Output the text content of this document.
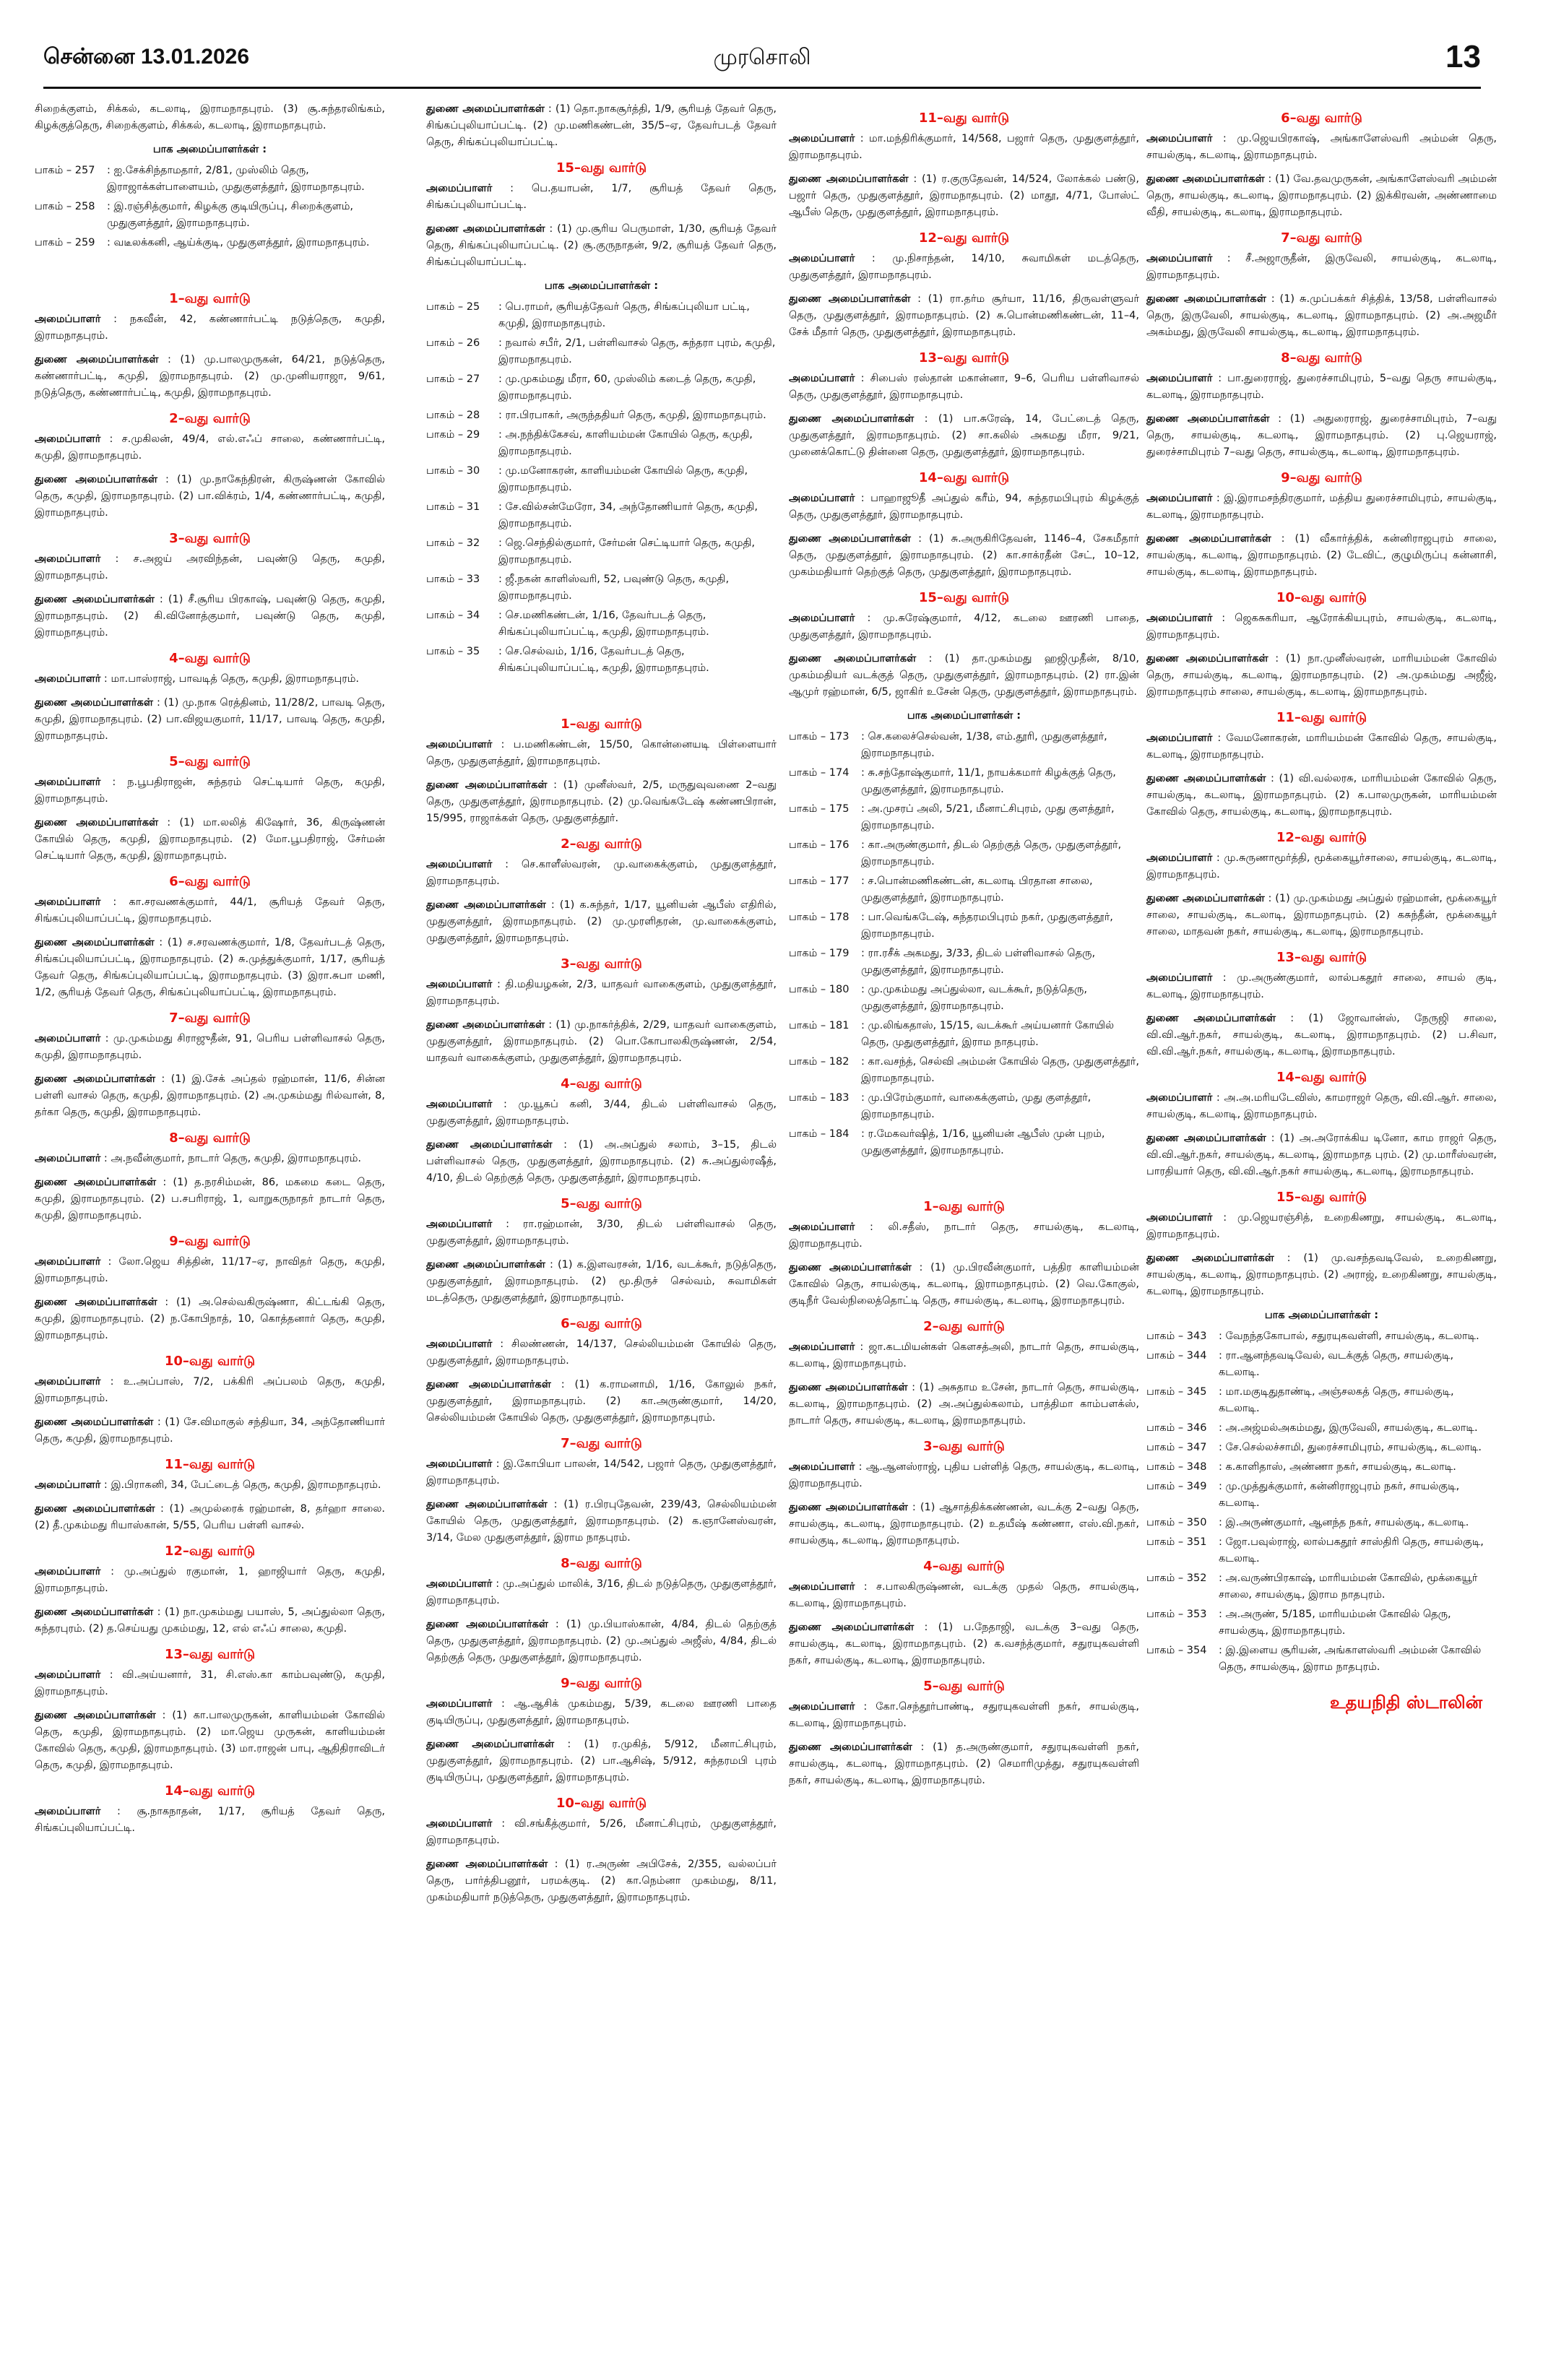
முரசொலி
சென்னை 13.01.2026	13
சிறைக்குளம், சிக்கல், கடலாடி, இராமநாதபுரம். (3) சூ.சுந்தரலிங்கம், கிழக்குத்தெரு, சிறைக்குளம், சிக்கல், கடலாடி, இராமநாதபுரம்.
பாக அமைப்பாளர்கள் :
பாகம் – 257	: ஐ.சேக்சிந்தாமதார், 2/81, முஸ்லிம் தெரு, இராஜாக்கள்பாளையம், முதுகுளத்தூர், இராமநாதபுரம்.
பாகம் – 258	: இ.ரஞ்சித்குமார், கிழக்கு குடியிருப்பு, சிறைக்குளம், முதுகுளத்தூர், இராமநாதபுரம்.
பாகம் – 259	: வடீலக்கனி, ஆய்க்குடி, முதுகுளத்தூர், இராமநாதபுரம்.
1–வது வார்டு
அமைப்பாளர் : நகவீன், 42, கண்ணார்பட்டி நடுத்தெரு, கமுதி, இராமநாதபுரம்.
துணை அமைப்பாளர்கள் : (1) மு.பாலமுருகன், 64/21, நடுத்தெரு, கண்ணார்பட்டி, கமுதி, இராமநாதபுரம். (2) மு.முனியராஜா, 9/61, நடுத்தெரு, கண்ணார்பட்டி, கமுதி, இராமநாதபுரம்.
2–வது வார்டு
அமைப்பாளர் : ச.முகிலன், 49/4, எல்.எஃப் சாலை, கண்ணார்பட்டி, கமுதி, இராமநாதபுரம்.
துணை அமைப்பாளர்கள் : (1) மு.நாகேந்திரன், கிருஷ்ணன் கோவில் தெரு, கமுதி, இராமநாதபுரம். (2) பா.விக்ரம், 1/4, கண்ணார்பட்டி, கமுதி, இராமநாதபுரம்.
3–வது வார்டு
அமைப்பாளர் : ச.அஜய் அரவிந்தன், பவுண்டு தெரு, கமுதி, இராமநாதபுரம்.
துணை அமைப்பாளர்கள் : (1) சீ.சூரிய பிரகாஷ், பவுண்டு தெரு, கமுதி, இராமநாதபுரம். (2) கி.வினோத்குமார், பவுண்டு தெரு, கமுதி, இராமநாதபுரம்.
4–வது வார்டு
அமைப்பாளர் : மா.பாஸ்ராஜ், பாவடித் தெரு, கமுதி, இராமநாதபுரம்.
துணை அமைப்பாளர்கள் : (1) மு.நாக ரெத்தினம், 11/28/2, பாவடி தெரு, கமுதி, இராமநாதபுரம். (2) பா.விஜயகுமார், 11/17, பாவடி தெரு, கமுதி, இராமநாதபுரம்.
5–வது வார்டு
அமைப்பாளர் : ந.பூபதிராஜன், சுந்தரம் செட்டியார் தெரு, கமுதி, இராமநாதபுரம்.
துணை அமைப்பாளர்கள் : (1) மா.லலித் கிஷோர், 36, கிருஷ்ணன் கோயில் தெரு, கமுதி, இராமநாதபுரம். (2) மோ.பூபதிராஜ், சேர்மன் செட்டியார் தெரு, கமுதி, இராமநாதபுரம்.
6–வது வார்டு
அமைப்பாளர் : கா.சரவணக்குமார், 44/1, சூரியத் தேவர் தெரு, சிங்கப்புலியாப்பட்டி, இராமநாதபுரம்.
துணை அமைப்பாளர்கள் : (1) ச.சரவணக்குமார், 1/8, தேவர்படத் தெரு, சிங்கப்புலியாப்பட்டி, இராமநாதபுரம். (2) சு.முத்துக்குமார், 1/17, சூரியத் தேவர் தெரு, சிங்கப்புலியாப்பட்டி, இராமநாதபுரம். (3) இரா.சுபா மணி, 1/2, சூரியத் தேவர் தெரு, சிங்கப்புலியாப்பட்டி, இராமநாதபுரம்.
7–வது வார்டு
அமைப்பாளர் : மு.முகம்மது சிராஜுதீன், 91, பெரிய பள்ளிவாசல் தெரு, கமுதி, இராமநாதபுரம்.
துணை அமைப்பாளர்கள் : (1) இ.சேக் அப்தல் ரஹ்மான், 11/6, சின்ன பள்ளி வாசல் தெரு, கமுதி, இராமநாதபுரம். (2) அ.முகம்மது ரில்வான், 8, தர்கா தெரு, கமுதி, இராமநாதபுரம்.
8–வது வார்டு
அமைப்பாளர் : அ.நவீன்குமார், நாடார் தெரு, கமுதி, இராமநாதபுரம்.
துணை அமைப்பாளர்கள் : (1) த.நரசிம்மன், 86, மகமை கடை தெரு, கமுதி, இராமநாதபுரம். (2) ப.சபரிராஜ், 1, வாறுகருநாதர் நாடார் தெரு, கமுதி, இராமநாதபுரம்.
9–வது வார்டு
அமைப்பாளர் : லோ.ஜெய சித்தின், 11/17–ஏ, நாவிதர் தெரு, கமுதி, இராமநாதபுரம்.
துணை அமைப்பாளர்கள் : (1) அ.செல்வகிருஷ்ணா, கிட்டங்கி தெரு, கமுதி, இராமநாதபுரம். (2) ந.கோபிநாத், 10, கொத்தனார் தெரு, கமுதி, இராமநாதபுரம்.
10–வது வார்டு
அமைப்பாளர் : உ.அப்பாஸ், 7/2, பக்கிரி அப்பலம் தெரு, கமுதி, இராமநாதபுரம்.
துணை அமைப்பாளர்கள் : (1) சே.விமாகுல் சந்தியா, 34, அந்தோணியார் தெரு, கமுதி, இராமநாதபுரம்.
11–வது வார்டு
அமைப்பாளர் : இ.பிராகனி, 34, பேட்டைத் தெரு, கமுதி, இராமநாதபுரம்.
துணை அமைப்பாளர்கள் : (1) அமுல்ரைக் ரஹ்மான், 8, தர்ஹா சாலை. (2) தீ.முகம்மது ரியாஸ்கான், 5/55, பெரிய பள்ளி வாசல்.
12–வது வார்டு
அமைப்பாளர் : மு.அப்துல் ரகுமான், 1, ஹாஜியார் தெரு, கமுதி, இராமநாதபுரம்.
துணை அமைப்பாளர்கள் : (1) நா.முகம்மது பயாஸ், 5, அப்துல்லா தெரு, சுந்தரபுரம். (2) த.செய்யது முகம்மது, 12, எல் எஃப் சாலை, கமுதி.
13–வது வார்டு
அமைப்பாளர் : வி.அய்யனார், 31, சி.எஸ்.கா காம்பவுண்டு, கமுதி, இராமநாதபுரம்.
துணை அமைப்பாளர்கள் : (1) கா.பாலமுருகன், காளியம்மன் கோவில் தெரு, கமுதி, இராமநாதபுரம். (2) மா.ஜெய முருகன், காளியம்மன் கோவில் தெரு, கமுதி, இராமநாதபுரம். (3) மா.ராஜன் பாபு, ஆதிதிராவிடர் தெரு, கமுதி, இராமநாதபுரம்.
14–வது வார்டு
அமைப்பாளர் : சூ.நாகநாதன், 1/17, சூரியத் தேவர் தெரு, சிங்கப்புலியாப்பட்டி.
துணை அமைப்பாளர்கள் : (1) தொ.நாகசூர்த்தி, 1/9, சூரியத் தேவர் தெரு, சிங்கப்புலியாப்பட்டி. (2) மு.மணிகண்டன், 35/5–ஏ, தேவர்படத் தேவர் தெரு, சிங்கப்புலியாப்பட்டி.
15–வது வார்டு
அமைப்பாளர் : பெ.தயாபன், 1/7, சூரியத் தேவர் தெரு, சிங்கப்புலியாப்பட்டி.
துணை அமைப்பாளர்கள் : (1) மு.சூரிய பெருமாள், 1/30, சூரியத் தேவர் தெரு, சிங்கப்புலியாப்பட்டி. (2) சூ.குருநாதன், 9/2, சூரியத் தேவர் தெரு, சிங்கப்புலியாப்பட்டி.
பாக அமைப்பாளர்கள் :
பாகம் – 25	: பெ.ராமர், சூரியத்தேவர் தெரு, சிங்கப்புலியா பட்டி, கமுதி, இராமநாதபுரம்.
பாகம் – 26	: நவால் சபீர், 2/1, பள்ளிவாசல் தெரு, சுந்தரா புரம், கமுதி, இராமநாதபுரம்.
பாகம் – 27	: மு.முகம்மது மீரா, 60, முஸ்லிம் கடைத் தெரு, கமுதி, இராமநாதபுரம்.
பாகம் – 28	: ரா.பிரபாகர், அருந்ததியர் தெரு, கமுதி, இராமநாதபுரம்.
பாகம் – 29	: அ.நந்திக்கேசவ், காளியம்மன் கோயில் தெரு, கமுதி, இராமநாதபுரம்.
பாகம் – 30	: மு.மனோகரன், காளியம்மன் கோயில் தெரு, கமுதி, இராமநாதபுரம்.
பாகம் – 31	: சே.வில்சன்மேரோ, 34, அந்தோணியார் தெரு, கமுதி, இராமநாதபுரம்.
பாகம் – 32	: ஜெ.செந்தில்குமார், சேர்மன் செட்டியார் தெரு, கமுதி, இராமநாதபுரம்.
பாகம் – 33	: ஜீ.நகன் காளிஸ்வரி, 52, பவுண்டு தெரு, கமுதி, இராமநாதபுரம்.
பாகம் – 34	: செ.மணிகண்டன், 1/16, தேவர்படத் தெரு, சிங்கப்புலியாப்பட்டி, கமுதி, இராமநாதபுரம்.
பாகம் – 35	: செ.செல்வம், 1/16, தேவர்படத் தெரு, சிங்கப்புலியாப்பட்டி, கமுதி, இராமநாதபுரம்.
1–வது வார்டு
அமைப்பாளர் : ப.மணிகண்டன், 15/50, கொன்னையடி பிள்ளையார் தெரு, முதுகுளத்தூர், இராமநாதபுரம்.
துணை அமைப்பாளர்கள் : (1) முனீஸ்வர், 2/5, மருதுவுவணை 2–வது தெரு, முதுகுளத்தூர், இராமநாதபுரம். (2) மு.வெங்கடேஷ் கண்ணபிரான், 15/995, ராஜாக்கள் தெரு, முதுகுளத்தூர்.
2–வது வார்டு
அமைப்பாளர் : செ.காளீஸ்வரன், மு.வாகைக்குளம், முதுகுளத்தூர், இராமநாதபுரம்.
துணை அமைப்பாளர்கள் : (1) க.சுந்தர், 1/17, யூனியன் ஆபீஸ் எதிரில், முதுகுளத்தூர், இராமநாதபுரம். (2) மு.முரளிதரன், மு.வாகைக்குளம், முதுகுளத்தூர், இராமநாதபுரம்.
3–வது வார்டு
அமைப்பாளர் : தி.மதியழகன், 2/3, யாதவர் வாகைகுளம், முதுகுளத்தூர், இராமநாதபுரம்.
துணை அமைப்பாளர்கள் : (1) மு.நாகர்த்திக், 2/29, யாதவர் வாகைகுளம், முதுகுளத்தூர், இராமநாதபுரம். (2) பொ.கோபாலகிருஷ்ணன், 2/54, யாதவர் வாகைக்குளம், முதுகுளத்தூர், இராமநாதபுரம்.
4–வது வார்டு
அமைப்பாளர் : மு.யூசுப் கனி, 3/44, திடல் பள்ளிவாசல் தெரு, முதுகுளத்தூர், இராமநாதபுரம்.
துணை அமைப்பாளர்கள் : (1) அ.அப்துல் சலாம், 3–15, திடல் பள்ளிவாசல் தெரு, முதுகுளத்தூர், இராமநாதபுரம். (2) சு.அப்துல்ரஷீத், 4/10, திடல் தெற்குத் தெரு, முதுகுளத்தூர், இராமநாதபுரம்.
5–வது வார்டு
அமைப்பாளர் : ரா.ரஹ்மான், 3/30, திடல் பள்ளிவாசல் தெரு, முதுகுளத்தூர், இராமநாதபுரம்.
துணை அமைப்பாளர்கள் : (1) க.இளவரசன், 1/16, வடக்கூர், நடுத்தெரு, முதுகுளத்தூர், இராமநாதபுரம். (2) மூ.திருச் செல்வம், சுவாமிகள் மடத்தெரு, முதுகுளத்தூர், இராமநாதபுரம்.
6–வது வார்டு
அமைப்பாளர் : சிலண்ணன், 14/137, செல்லியம்மன் கோயில் தெரு, முதுகுளத்தூர், இராமநாதபுரம்.
துணை அமைப்பாளர்கள் : (1) க.ராமனாமி, 1/16, கோலுல் நகர், முதுகுளத்தூர், இராமநாதபுரம். (2) கா.அருண்குமார், 14/20, செல்லியம்மன் கோயில் தெரு, முதுகுளத்தூர், இராமநாதபுரம்.
7–வது வார்டு
அமைப்பாளர் : இ.கோபியா பாலன், 14/542, பஜார் தெரு, முதுகுளத்தூர், இராமநாதபுரம்.
துணை அமைப்பாளர்கள் : (1) ர.பிரபுதேவன், 239/43, செல்லியம்மன் கோயில் தெரு, முதுகுளத்தூர், இராமநாதபுரம். (2) க.ஞானேஸ்வரன், 3/14, மேல முதுகுளத்தூர், இராம நாதபுரம்.
8–வது வார்டு
அமைப்பாளர் : மு.அப்துல் மாலிக், 3/16, திடல் நடுத்தெரு, முதுகுளத்தூர், இராமநாதபுரம்.
துணை அமைப்பாளர்கள் : (1) மு.பியாஸ்கான், 4/84, திடல் தெற்குத் தெரு, முதுகுளத்தூர், இராமநாதபுரம். (2) மு.அப்துல் அஜீஸ், 4/84, திடல் தெற்குத் தெரு, முதுகுளத்தூர், இராமநாதபுரம்.
9–வது வார்டு
அமைப்பாளர் : ஆ.ஆசிக் முகம்மது, 5/39, கடலை ஊரணி பாதை குடியிருப்பு, முதுகுளத்தூர், இராமநாதபுரம்.
துணை அமைப்பாளர்கள் : (1) ர.முகித், 5/912, மீனாட்சிபுரம், முதுகுளத்தூர், இராமநாதபுரம். (2) பா.ஆசிஷ், 5/912, சுந்தரமபி புரம் குடியிருப்பு, முதுகுளத்தூர், இராமநாதபுரம்.
10–வது வார்டு
அமைப்பாளர் : வி.சங்கீத்குமார், 5/26, மீனாட்சிபுரம், முதுகுளத்தூர், இராமநாதபுரம்.
துணை அமைப்பாளர்கள் : (1) ர.அருண் அபிசேக், 2/355, வல்லப்பர் தெரு, பார்த்திபனூர், பரமக்குடி. (2) கா.நெம்னா முகம்மது, 8/11, முகம்மதியார் நடுத்தெரு, முதுகுளத்தூர், இராமநாதபுரம்.
11–வது வார்டு
அமைப்பாளர் : மா.மந்திரிக்குமார், 14/568, பஜார் தெரு, முதுகுளத்தூர், இராமநாதபுரம்.
துணை அமைப்பாளர்கள் : (1) ர.குருதேவன், 14/524, லோக்கல் பண்டு, பஜார் தெரு, முதுகுளத்தூர், இராமநாதபுரம். (2) மாதூ, 4/71, போஸ்ட் ஆபீஸ் தெரு, முதுகுளத்தூர், இராமநாதபுரம்.
12–வது வார்டு
அமைப்பாளர் : மு.நிசாந்தன், 14/10, சுவாமிகள் மடத்தெரு, முதுகுளத்தூர், இராமநாதபுரம்.
துணை அமைப்பாளர்கள் : (1) ரா.தர்ம சூர்யா, 11/16, திருவள்ளுவர் தெரு, முதுகுளத்தூர், இராமநாதபுரம். (2) சு.பொன்மணிகண்டன், 11–4, சேக் மீதார் தெரு, முதுகுளத்தூர், இராமநாதபுரம்.
13–வது வார்டு
அமைப்பாளர் : சிபைஸ் ரஸ்தான் மகான்னா, 9–6, பெரிய பள்ளிவாசல் தெரு, முதுகுளத்தூர், இராமநாதபுரம்.
துணை அமைப்பாளர்கள் : (1) பா.சுரேஷ், 14, பேட்டைத் தெரு, முதுகுளத்தூர், இராமநாதபுரம். (2) சா.கலில் அகமது மீரா, 9/21, முனைக்கொட்டு தின்னை தெரு, முதுகுளத்தூர், இராமநாதபுரம்.
14–வது வார்டு
அமைப்பாளர் : பாஹாஜூதீ அப்துல் கரீம், 94, சுந்தரமபிபுரம் கிழக்குத் தெரு, முதுகுளத்தூர், இராமநாதபுரம்.
துணை அமைப்பாளர்கள் : (1) சு.அருகிரிதேவன், 1146–4, சேகமீதார் தெரு, முதுகுளத்தூர், இராமநாதபுரம். (2) கா.சாக்ரதீன் சேட், 10–12, முகம்மதியார் தெற்குத் தெரு, முதுகுளத்தூர், இராமநாதபுரம்.
15–வது வார்டு
அமைப்பாளர் : மு.சுரேஷ்குமார், 4/12, கடலை ஊரணி பாதை, முதுகுளத்தூர், இராமநாதபுரம்.
துணை அமைப்பாளர்கள் : (1) தா.முகம்மது ஹஜிமுதீன், 8/10, முகம்மதியர் வடக்குத் தெரு, முதுகுளத்தூர், இராமநாதபுரம். (2) ரா.இன் ஆமுர் ரஹ்மான், 6/5, ஜாகிர் உசேன் தெரு, முதுகுளத்தூர், இராமநாதபுரம்.
பாக அமைப்பாளர்கள் :
பாகம் – 173	: செ.கலைச்செல்வன், 1/38, எம்.தூரி, முதுகுளத்தூர், இராமநாதபுரம்.
பாகம் – 174	: சு.சந்தோஷ்குமார், 11/1, நாயக்கமார் கிழக்குத் தெரு, முதுகுளத்தூர், இராமநாதபுரம்.
பாகம் – 175	: அ.முசரப் அலி, 5/21, மீனாட்சிபுரம், முது குளத்தூர், இராமநாதபுரம்.
பாகம் – 176	: கா.அருண்குமார், திடல் தெற்குத் தெரு, முதுகுளத்தூர், இராமநாதபுரம்.
பாகம் – 177	: ச.பொன்மணிகண்டன், கடலாடி பிரதான சாலை, முதுகுளத்தூர், இராமநாதபுரம்.
பாகம் – 178	: பா.வெங்கடேஷ், சுந்தரமபிபுரம் நகர், முதுகுளத்தூர், இராமநாதபுரம்.
பாகம் – 179	: ரா.ரசீக் அகமது, 3/33, திடல் பள்ளிவாசல் தெரு, முதுகுளத்தூர், இராமநாதபுரம்.
பாகம் – 180	: மு.முகம்மது அப்துல்லா, வடக்கூர், நடுத்தெரு, முதுகுளத்தூர், இராமநாதபுரம்.
பாகம் – 181	: மு.லிங்கதாஸ், 15/15, வடக்கூர் அய்யனார் கோயில் தெரு, முதுகுளத்தூர், இராம நாதபுரம்.
பாகம் – 182	: கா.வசந்த், செல்வி அம்மன் கோயில் தெரு, முதுகுளத்தூர், இராமநாதபுரம்.
பாகம் – 183	: மு.பிரேம்குமார், வாகைக்குளம், முது குளத்தூர், இராமநாதபுரம்.
பாகம் – 184	: ர.மேகவர்ஷித், 1/16, யூனியன் ஆபீஸ் முன் புறம், முதுகுளத்தூர், இராமநாதபுரம்.
1–வது வார்டு
அமைப்பாளர் : லி.சதீஸ், நாடார் தெரு, சாயல்குடி, கடலாடி, இராமநாதபுரம்.
துணை அமைப்பாளர்கள் : (1) மு.பிரவீன்குமார், பத்திர காளியம்மன் கோவில் தெரு, சாயல்குடி, கடலாடி, இராமநாதபுரம். (2) வெ.கோகுல், குடிநீர் வேல்நிலைத்தொட்டி தெரு, சாயல்குடி, கடலாடி, இராமநாதபுரம்.
2–வது வார்டு
அமைப்பாளர் : ஜா.கடமியன்கள் கௌசத்அலி, நாடார் தெரு, சாயல்குடி, கடலாடி, இராமநாதபுரம்.
துணை அமைப்பாளர்கள் : (1) அசுதாம உசேன், நாடார் தெரு, சாயல்குடி, கடலாடி, இராமநாதபுரம். (2) அ.அப்துல்கலாம், பாத்திமா காம்பளக்ஸ், நாடார் தெரு, சாயல்குடி, கடலாடி, இராமநாதபுரம்.
3–வது வார்டு
அமைப்பாளர் : ஆ.ஆனஸ்ராஜ், புதிய பள்ளித் தெரு, சாயல்குடி, கடலாடி, இராமநாதபுரம்.
துணை அமைப்பாளர்கள் : (1) ஆசாத்திக்கண்ணன், வடக்கு 2–வது தெரு, சாயல்குடி, கடலாடி, இராமநாதபுரம். (2) உதயீஷ் கண்ணா, எஸ்.வி.நகர், சாயல்குடி, கடலாடி, இராமநாதபுரம்.
4–வது வார்டு
அமைப்பாளர் : ச.பாலகிருஷ்ணன், வடக்கு முதல் தெரு, சாயல்குடி, கடலாடி, இராமநாதபுரம்.
துணை அமைப்பாளர்கள் : (1) ப.நேதாஜி, வடக்கு 3–வது தெரு, சாயல்குடி, கடலாடி, இராமநாதபுரம். (2) க.வசந்த்குமார், சதுரயுகவள்ளி நகர், சாயல்குடி, கடலாடி, இராமநாதபுரம்.
5–வது வார்டு
அமைப்பாளர் : கோ.செந்தூர்பாண்டி, சதுரயுகவள்ளி நகர், சாயல்குடி, கடலாடி, இராமநாதபுரம்.
துணை அமைப்பாளர்கள் : (1) த.அருண்குமார், சதுரயுகவள்ளி நகர், சாயல்குடி, கடலாடி, இராமநாதபுரம். (2) செமாரிமுத்து, சதுரயுகவள்ளி நகர், சாயல்குடி, கடலாடி, இராமநாதபுரம்.
6–வது வார்டு
அமைப்பாளர் : மு.ஜெயபிரகாஷ், அங்காளேஸ்வரி அம்மன் தெரு, சாயல்குடி, கடலாடி, இராமநாதபுரம்.
துணை அமைப்பாளர்கள் : (1) வே.தவமுருகன், அங்காளேஸ்வரி அம்மன் தெரு, சாயல்குடி, கடலாடி, இராமநாதபுரம். (2) இக்கிரவன், அண்ணாமை வீதி, சாயல்குடி, கடலாடி, இராமநாதபுரம்.
7–வது வார்டு
அமைப்பாளர் : சீ.அஜாருதீன், இருவேலி, சாயல்குடி, கடலாடி, இராமநாதபுரம்.
துணை அமைப்பாளர்கள் : (1) சு.முப்பக்கர் சித்திக், 13/58, பள்ளிவாசல் தெரு, இருவேலி, சாயல்குடி, கடலாடி, இராமநாதபுரம். (2) அ.அஜமீர் அகம்மது, இருவேலி சாயல்குடி, கடலாடி, இராமநாதபுரம்.
8–வது வார்டு
அமைப்பாளர் : பா.துரைராஜ், துரைச்சாமிபுரம், 5–வது தெரு சாயல்குடி, கடலாடி, இராமநாதபுரம்.
துணை அமைப்பாளர்கள் : (1) அதுரைராஜ், துரைச்சாமிபுரம், 7–வது தெரு, சாயல்குடி, கடலாடி, இராமநாதபுரம். (2) பு.ஜெயராஜ், துரைச்சாமிபுரம் 7–வது தெரு, சாயல்குடி, கடலாடி, இராமநாதபுரம்.
9–வது வார்டு
அமைப்பாளர் : இ.இராமசந்திரகுமார், மத்திய துரைச்சாமிபுரம், சாயல்குடி, கடலாடி, இராமநாதபுரம்.
துணை அமைப்பாளர்கள் : (1) வீகார்த்திக், கன்னிராஜபுரம் சாலை, சாயல்குடி, கடலாடி, இராமநாதபுரம். (2) டேவிட், குழுமிருப்பு கன்னாசி, சாயல்குடி, கடலாடி, இராமநாதபுரம்.
10–வது வார்டு
அமைப்பாளர் : ஜெகசுகரியா, ஆரோக்கியபுரம், சாயல்குடி, கடலாடி, இராமநாதபுரம்.
துணை அமைப்பாளர்கள் : (1) நா.முனீஸ்வரன், மாரியம்மன் கோவில் தெரு, சாயல்குடி, கடலாடி, இராமநாதபுரம். (2) அ.முகம்மது அஜீஜ், இராமநாதபுரம் சாலை, சாயல்குடி, கடலாடி, இராமநாதபுரம்.
11–வது வார்டு
அமைப்பாளர் : வேமனோகரன், மாரியம்மன் கோவில் தெரு, சாயல்குடி, கடலாடி, இராமநாதபுரம்.
துணை அமைப்பாளர்கள் : (1) வி.வல்லரசு, மாரியம்மன் கோவில் தெரு, சாயல்குடி, கடலாடி, இராமநாதபுரம். (2) க.பாலமுருகன், மாரியம்மன் கோவில் தெரு, சாயல்குடி, கடலாடி, இராமநாதபுரம்.
12–வது வார்டு
அமைப்பாளர் : மு.சுருணாமூர்த்தி, மூக்கையூர்சாலை, சாயல்குடி, கடலாடி, இராமநாதபுரம்.
துணை அமைப்பாளர்கள் : (1) மு.முகம்மது அப்துல் ரஹ்மான், மூக்கையூர் சாலை, சாயல்குடி, கடலாடி, இராமநாதபுரம். (2) கசுந்தீன், மூக்கையூர் சாலை, மாதவன் நகர், சாயல்குடி, கடலாடி, இராமநாதபுரம்.
13–வது வார்டு
அமைப்பாளர் : மு.அருண்குமார், லால்பகதூர் சாலை, சாயல் குடி, கடலாடி, இராமநாதபுரம்.
துணை அமைப்பாளர்கள் : (1) ஜோவான்ஸ், நேருஜி சாலை, வி.வி.ஆர்.நகர், சாயல்குடி, கடலாடி, இராமநாதபுரம். (2) ப.சிவா, வி.வி.ஆர்.நகர், சாயல்குடி, கடலாடி, இராமநாதபுரம்.
14–வது வார்டு
அமைப்பாளர் : அ.அ.மரியடேவிஸ், காமராஜர் தெரு, வி.வி.ஆர். சாலை, சாயல்குடி, கடலாடி, இராமநாதபுரம்.
துணை அமைப்பாளர்கள் : (1) அ.அரோக்கிய டினோ, காம ராஜர் தெரு, வி.வி.ஆர்.நகர், சாயல்குடி, கடலாடி, இராமநாத புரம். (2) மு.மாரீஸ்வரன், பாரதியார் தெரு, வி.வி.ஆர்.நகர் சாயல்குடி, கடலாடி, இராமநாதபுரம்.
15–வது வார்டு
அமைப்பாளர் : மு.ஜெயரஞ்சித், உறைகிணறு, சாயல்குடி, கடலாடி, இராமநாதபுரம்.
துணை அமைப்பாளர்கள் : (1) மு.வசந்தவடிவேல், உறைகிணறு, சாயல்குடி, கடலாடி, இராமநாதபுரம். (2) அராஜ், உறைகிணறு, சாயல்குடி, கடலாடி, இராமநாதபுரம்.
பாக அமைப்பாளர்கள் :
பாகம் – 343	: வேநந்தகோபால், சதுரயுகவள்ளி, சாயல்குடி, கடலாடி.
பாகம் – 344	: ரா.ஆனந்தவடிவேல், வடக்குத் தெரு, சாயல்குடி, கடலாடி.
பாகம் – 345	: மா.மகுடிதுதாண்டி, அஞ்சலகத் தெரு, சாயல்குடி, கடலாடி.
பாகம் – 346	: அ.அஜ்மல்அகம்மது, இருவேலி, சாயல்குடி, கடலாடி.
பாகம் – 347	: சே.செல்லச்சாமி, துரைச்சாமிபுரம், சாயல்குடி, கடலாடி.
பாகம் – 348	: க.காளிதாஸ், அண்ணா நகர், சாயல்குடி, கடலாடி.
பாகம் – 349	: மு.முத்துக்குமார், கன்னிராஜபுரம் நகர், சாயல்குடி, கடலாடி.
பாகம் – 350	: இ.அருண்குமார், ஆனந்த நகர், சாயல்குடி, கடலாடி.
பாகம் – 351	: ஜோ.பவுல்ராஜ், லால்பகதூர் சாஸ்திரி தெரு, சாயல்குடி, கடலாடி.
பாகம் – 352	: அ.வருண்பிரகாஷ், மாரியம்மன் கோவில், மூக்கையூர் சாலை, சாயல்குடி, இராம நாதபுரம்.
பாகம் – 353	: அ.அருண், 5/185, மாரியம்மன் கோவில் தெரு, சாயல்குடி, இராமநாதபுரம்.
பாகம் – 354	: இ.இளைய சூரியன், அங்காளஸ்வரி அம்மன் கோவில் தெரு, சாயல்குடி, இராம நாதபுரம்.
உதயநிதி ஸ்டாலின்
